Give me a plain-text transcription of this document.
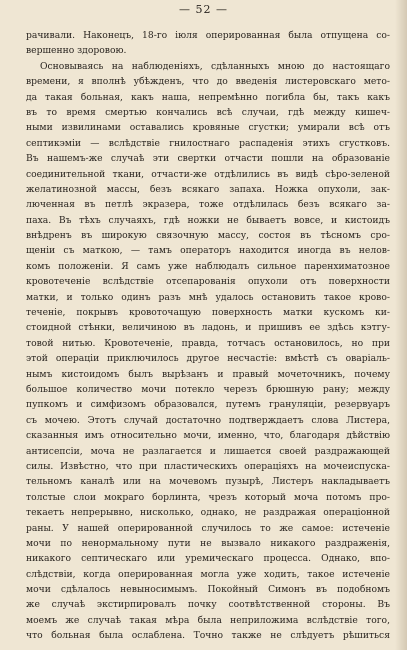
— 52 —
рачивали. Наконецъ, 18-го іюля оперированная была отпущена со-
вершенно здоровою.
Основываясь на наблюденіяхъ, сдѣланныхъ мною до настоящаго
времени, я вполнѣ убѣжденъ, что до введенія листеровскаго мето-
да такая больная, какъ наша, непремѣнно погибла бы, такъ какъ
въ то время смертью кончались всѣ случаи, гдѣ между кишеч-
ными извилинами оставались кровяные сгустки; умирали всѣ отъ
септикэміи — вслѣдствіе гнилостнаго распаденія этихъ сгустковъ.
Въ нашемъ-же случаѣ эти свертки отчасти пошли на образованіе
соединительной ткани, отчасти-же отдѣлились въ видѣ сѣро-зеленой
желатинозной массы, безъ всякаго запаха. Ножка опухоли, зак-
люченная въ петлѣ экразера, тоже отдѣлилась безъ всякаго за-
паха. Въ тѣхъ случаяхъ, гдѣ ножки не бываетъ вовсе, и кистоидъ
внѣдренъ въ широкую связочную массу, состоя въ тѣсномъ сро-
щеніи съ маткою, — тамъ операторъ находится иногда въ нелов-
комъ положеніи. Я самъ уже наблюдалъ сильное паренхиматозное
кровотеченіе вслѣдствіе отсепарованія опухоли отъ поверхности
матки, и только одинъ разъ мнѣ удалось остановить такое крово-
теченіе, покрывъ кровоточащую поверхность матки кускомъ ки-
стоидной стѣнки, величиною въ ладонь, и пришивъ ее здѣсь кэтгу-
товой нитью. Кровотеченіе, правда, тотчасъ остановилось, но при
этой операціи приключилось другое несчастіе: вмѣстѣ съ оваріаль-
нымъ кистоидомъ былъ вырѣзанъ и правый мочеточникъ, почему
большое количество мочи потекло черезъ брюшную рану; между
пупкомъ и симфизомъ образовался, путемъ грануляціи, резервуаръ
съ мочею. Этотъ случай достаточно подтверждаетъ слова Листера,
сказанныя имъ относительно мочи, именно, что, благодаря дѣйствію
антисепсіи, моча не разлагается и лишается своей раздражающей
силы. Извѣстно, что при пластическихъ операціяхъ на мочеиспуска-
тельномъ каналѣ или на мочевомъ пузырѣ, Листеръ накладываетъ
толстые слои мокраго борлинта, чрезъ который моча потомъ про-
текаетъ непрерывно, нисколько, однако, не раздражая операціонной
раны. У нашей оперированной случилось то же самое: истеченіе
мочи по ненормальному пути не вызвало никакого раздраженія,
никакого септическаго или уремическаго процесса. Однако, впо-
слѣдствіи, когда оперированная могла уже ходить, такое истеченіе
мочи сдѣлалось невыносимымъ. Покойный Симонъ въ подобномъ
же случаѣ экстирпировалъ почку соотвѣтственной стороны. Въ
моемъ же случаѣ такая мѣра была неприложима вслѣдствіе того,
что больная была ослаблена. Точно также не слѣдуетъ рѣшиться
